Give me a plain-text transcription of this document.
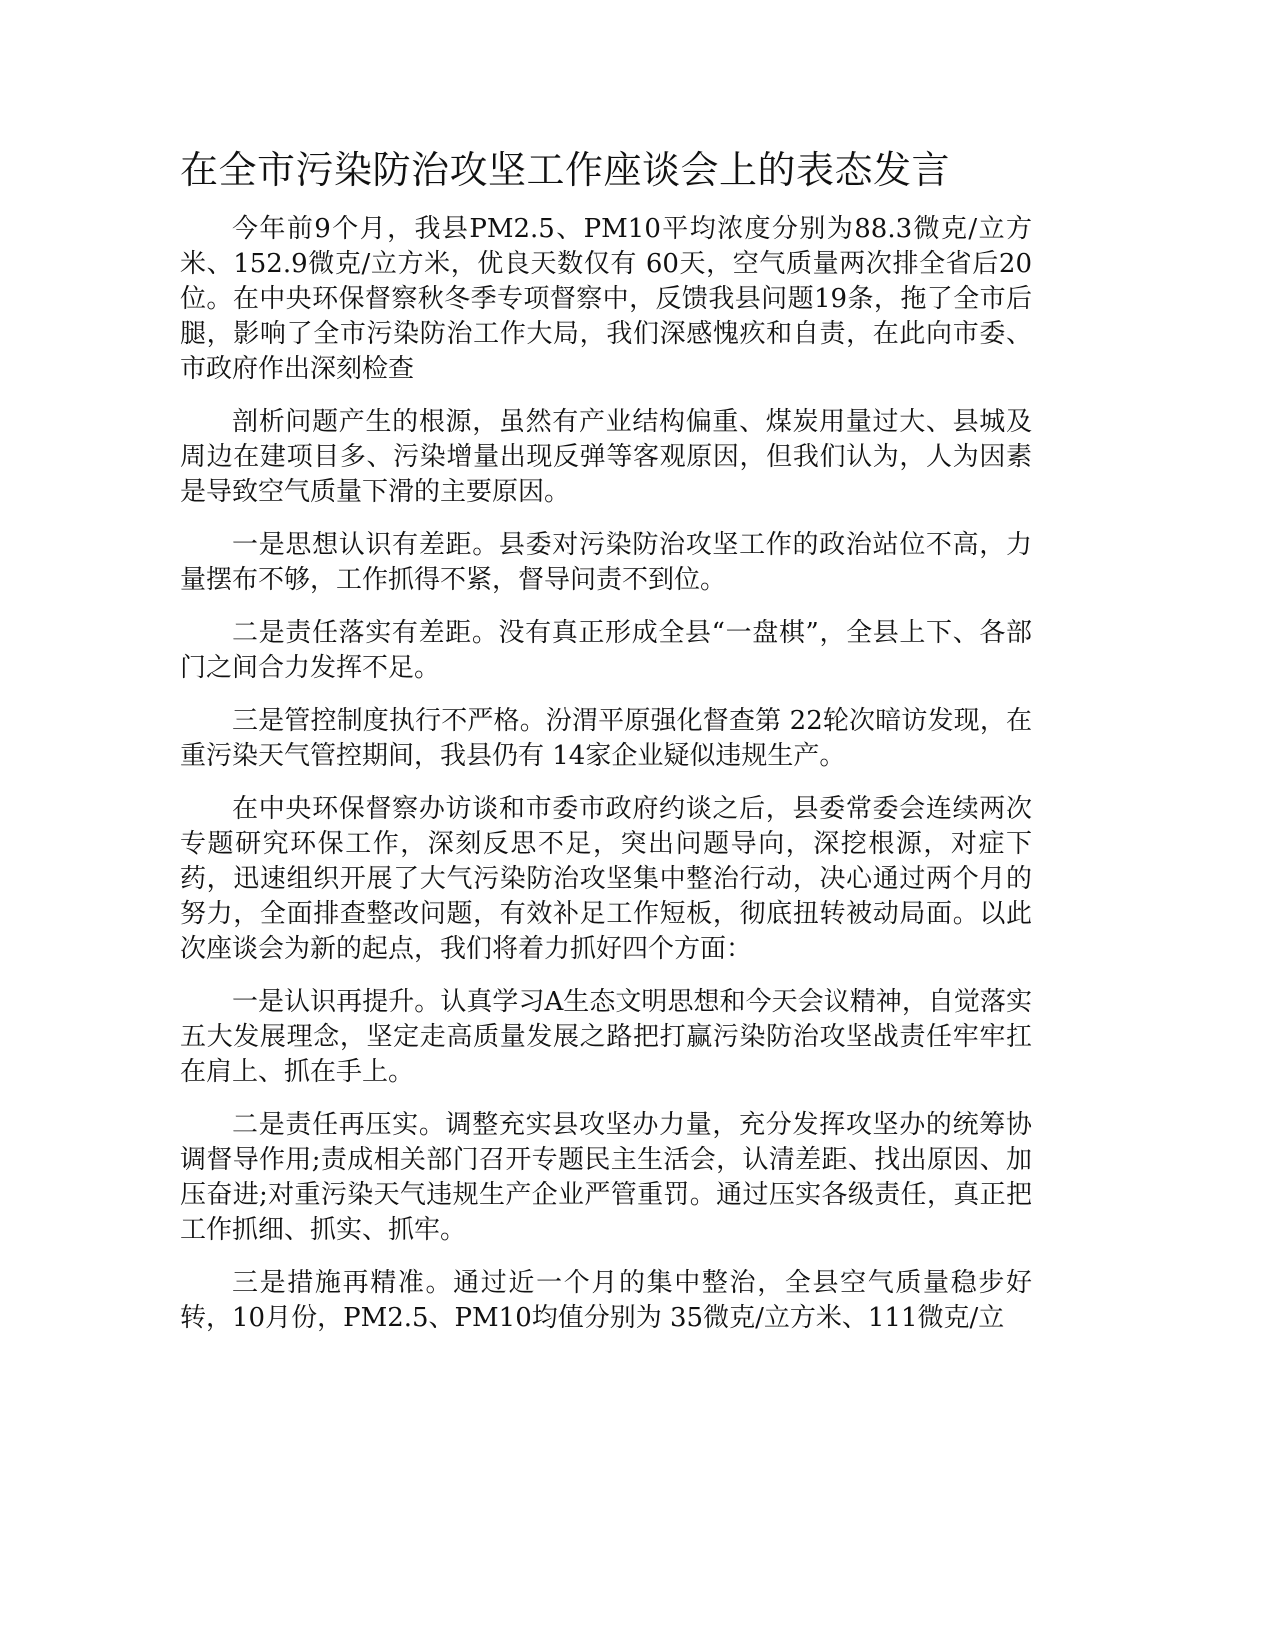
在全市污染防治攻坚工作座谈会上的表态发言

今年前9个月，我县PM2.5、PM10平均浓度分别为88.3微克/立方米、152.9微克/立方米，优良天数仅有 60天，空气质量两次排全省后20位。在中央环保督察秋冬季专项督察中，反馈我县问题19条，拖了全市后腿，影响了全市污染防治工作大局，我们深感愧疚和自责，在此向市委、市政府作出深刻检查

剖析问题产生的根源，虽然有产业结构偏重、煤炭用量过大、县城及周边在建项目多、污染增量出现反弹等客观原因，但我们认为，人为因素是导致空气质量下滑的主要原因。

一是思想认识有差距。县委对污染防治攻坚工作的政治站位不高，力量摆布不够，工作抓得不紧，督导问责不到位。

二是责任落实有差距。没有真正形成全县“一盘棋”，全县上下、各部门之间合力发挥不足。

三是管控制度执行不严格。汾渭平原强化督查第 22轮次暗访发现，在重污染天气管控期间，我县仍有 14家企业疑似违规生产。

在中央环保督察办访谈和市委市政府约谈之后，县委常委会连续两次专题研究环保工作，深刻反思不足，突出问题导向，深挖根源，对症下药，迅速组织开展了大气污染防治攻坚集中整治行动，决心通过两个月的努力，全面排查整改问题，有效补足工作短板，彻底扭转被动局面。以此次座谈会为新的起点，我们将着力抓好四个方面：

一是认识再提升。认真学习A生态文明思想和今天会议精神，自觉落实五大发展理念，坚定走高质量发展之路把打赢污染防治攻坚战责任牢牢扛在肩上、抓在手上。

二是责任再压实。调整充实县攻坚办力量，充分发挥攻坚办的统筹协调督导作用;责成相关部门召开专题民主生活会，认清差距、找出原因、加压奋进;对重污染天气违规生产企业严管重罚。通过压实各级责任，真正把工作抓细、抓实、抓牢。

三是措施再精准。通过近一个月的集中整治，全县空气质量稳步好转，10月份，PM2.5、PM10均值分别为 35微克/立方米、111微克/立
